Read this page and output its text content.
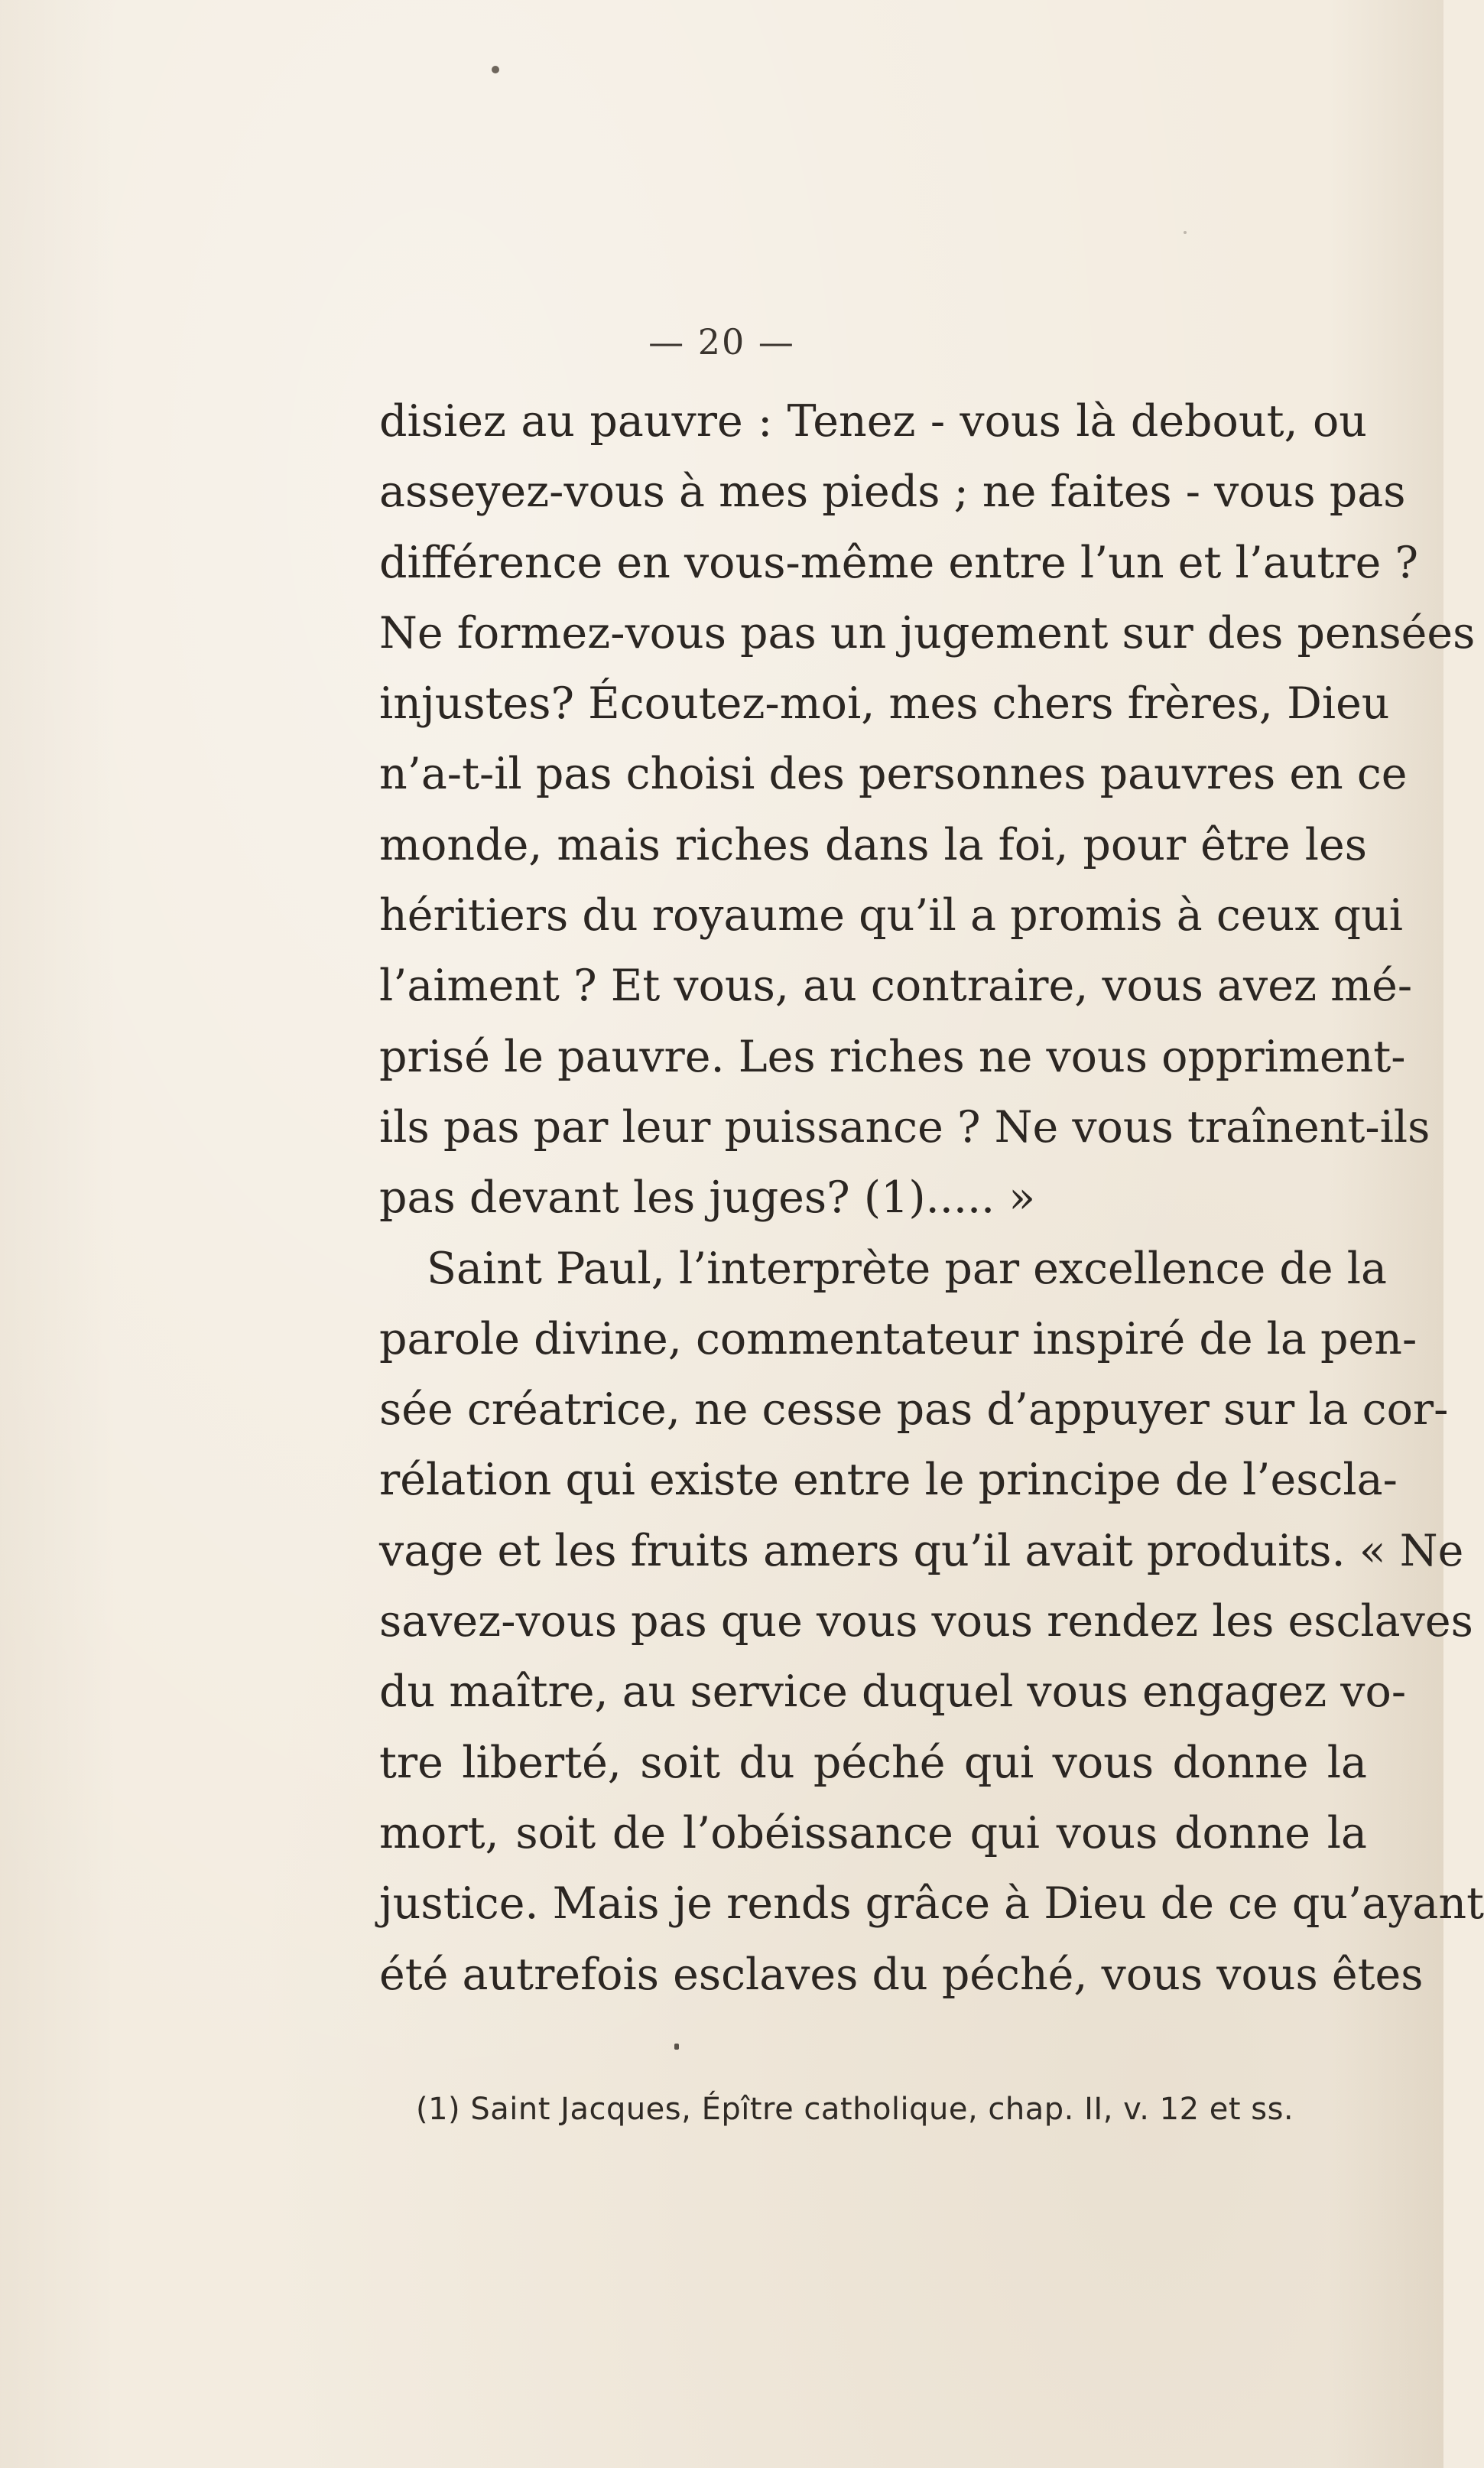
— 20 —
disiez au pauvre : Tenez - vous là debout, ou
asseyez-vous à mes pieds ; ne faites - vous pas
différence en vous-même entre l’un et l’autre ?
Ne formez-vous pas un jugement sur des pensées
injustes? Écoutez-moi, mes chers frères, Dieu
n’a-t-il pas choisi des personnes pauvres en ce
monde, mais riches dans la foi, pour être les
héritiers du royaume qu’il a promis à ceux qui
l’aiment ? Et vous, au contraire, vous avez mé-
prisé le pauvre. Les riches ne vous oppriment-
ils pas par leur puissance ? Ne vous traînent-ils
pas devant les juges? (1)..... »
Saint Paul, l’interprète par excellence de la
parole divine, commentateur inspiré de la pen-
sée créatrice, ne cesse pas d’appuyer sur la cor-
rélation qui existe entre le principe de l’escla-
vage et les fruits amers qu’il avait produits. « Ne
savez-vous pas que vous vous rendez les esclaves
du maître, au service duquel vous engagez vo-
tre liberté, soit du péché qui vous donne la
mort, soit de l’obéissance qui vous donne la
justice. Mais je rends grâce à Dieu de ce qu’ayant
été autrefois esclaves du péché, vous vous êtes
(1) Saint Jacques, Épître catholique, chap. II, v. 12 et ss.
